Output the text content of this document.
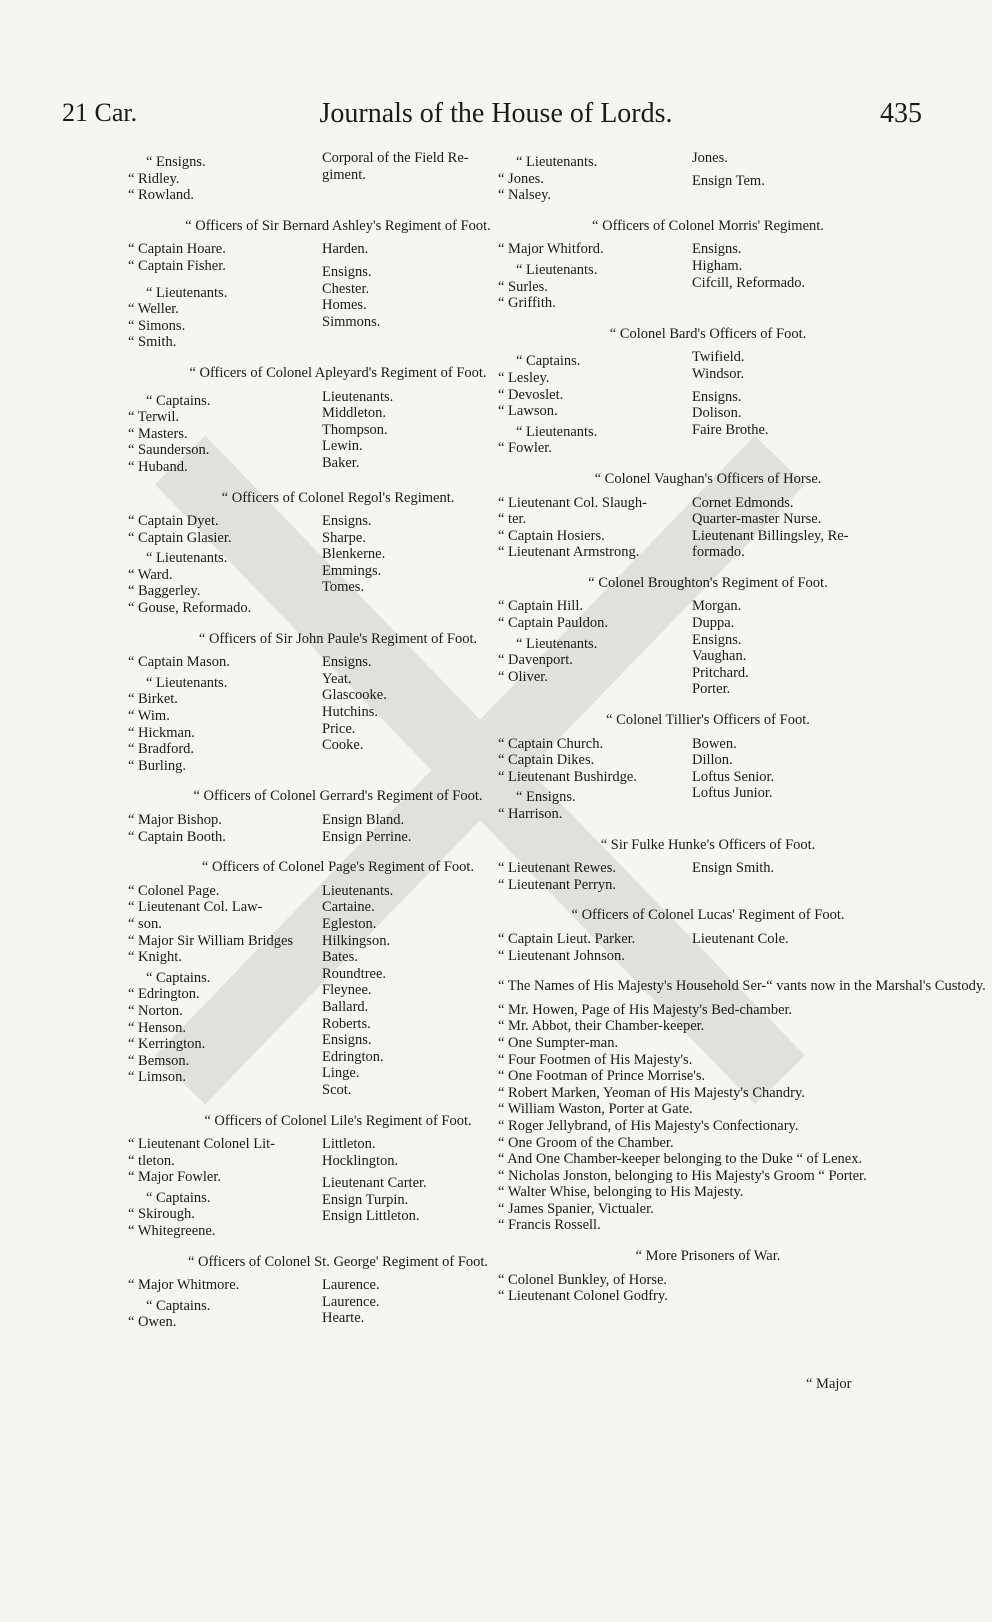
21 Car.	Journals of the House of Lords.	435
“ Ensigns.
“ Ridley.
“ Rowland.
Corporal of the Field Re-
giment.
“ Officers of Sir Bernard Ashley's Regiment of Foot.
“ Captain Hoare.
“ Captain Fisher.
“ Lieutenants.
“ Weller.
“ Simons.
“ Smith.
Harden.
Ensigns.
Chester.
Homes.
Simmons.
“ Officers of Colonel Apleyard's Regiment of Foot.
“ Captains.
“ Terwil.
“ Masters.
“ Saunderson.
“ Huband.
Lieutenants.
Middleton.
Thompson.
Lewin.
Baker.
“ Officers of Colonel Regol's Regiment.
“ Captain Dyet.
“ Captain Glasier.
“ Lieutenants.
“ Ward.
“ Baggerley.
“ Gouse, Reformado.
Ensigns.
Sharpe.
Blenkerne.
Emmings.
Tomes.
“ Officers of Sir John Paule's Regiment of Foot.
“ Captain Mason.
“ Lieutenants.
“ Birket.
“ Wim.
“ Hickman.
“ Bradford.
“ Burling.
Ensigns.
Yeat.
Glascooke.
Hutchins.
Price.
Cooke.
“ Officers of Colonel Gerrard's Regiment of Foot.
“ Major Bishop.
“ Captain Booth.
Ensign Bland.
Ensign Perrine.
“ Officers of Colonel Page's Regiment of Foot.
“ Colonel Page.
“ Lieutenant Col. Law-
“ son.
“ Major Sir William Bridges
“ Knight.
“ Captains.
“ Edrington.
“ Norton.
“ Henson.
“ Kerrington.
“ Bemson.
“ Limson.
Lieutenants.
Cartaine.
Egleston.
Hilkingson.
Bates.
Roundtree.
Fleynee.
Ballard.
Roberts.
Ensigns.
Edrington.
Linge.
Scot.
“ Officers of Colonel Lile's Regiment of Foot.
“ Lieutenant Colonel Lit-
“ tleton.
“ Major Fowler.
“ Captains.
“ Skirough.
“ Whitegreene.
Littleton.
Hocklington.
Lieutenant Carter.
Ensign Turpin.
Ensign Littleton.
“ Officers of Colonel St. George' Regiment of Foot.
“ Major Whitmore.
“ Captains.
“ Owen.
Laurence.
Laurence.
Hearte.
“ Lieutenants.
“ Jones.
“ Nalsey.
Jones.
Ensign Tem.
“ Officers of Colonel Morris' Regiment.
“ Major Whitford.
“ Lieutenants.
“ Surles.
“ Griffith.
Ensigns.
Higham.
Cifcill, Reformado.
“ Colonel Bard's Officers of Foot.
“ Captains.
“ Lesley.
“ Devoslet.
“ Lawson.
“ Lieutenants.
“ Fowler.
Twifield.
Windsor.
Ensigns.
Dolison.
Faire Brothe.
“ Colonel Vaughan's Officers of Horse.
“ Lieutenant Col. Slaugh-
“ ter.
“ Captain Hosiers.
“ Lieutenant Armstrong.
Cornet Edmonds.
Quarter-master Nurse.
Lieutenant Billingsley, Re-
formado.
“ Colonel Broughton's Regiment of Foot.
“ Captain Hill.
“ Captain Pauldon.
“ Lieutenants.
“ Davenport.
“ Oliver.
Morgan.
Duppa.
Ensigns.
Vaughan.
Pritchard.
Porter.
“ Colonel Tillier's Officers of Foot.
“ Captain Church.
“ Captain Dikes.
“ Lieutenant Bushirdge.
“ Ensigns.
“ Harrison.
Bowen.
Dillon.
Loftus Senior.
Loftus Junior.
“ Sir Fulke Hunke's Officers of Foot.
“ Lieutenant Rewes.
“ Lieutenant Perryn.
Ensign Smith.
“ Officers of Colonel Lucas' Regiment of Foot.
“ Captain Lieut. Parker.
“ Lieutenant Johnson.
Lieutenant Cole.
“ The Names of His Majesty's Household Ser-“ vants now in the Marshal's Custody.
“ Mr. Howen, Page of His Majesty's Bed-chamber.
“ Mr. Abbot, their Chamber-keeper.
“ One Sumpter-man.
“ Four Footmen of His Majesty's.
“ One Footman of Prince Morrise's.
“ Robert Marken, Yeoman of His Majesty's Chandry.
“ William Waston, Porter at Gate.
“ Roger Jellybrand, of His Majesty's Confectionary.
“ One Groom of the Chamber.
“ And One Chamber-keeper belonging to the Duke “ of Lenex.
“ Nicholas Jonston, belonging to His Majesty's Groom “ Porter.
“ Walter Whise, belonging to His Majesty.
“ James Spanier, Victualer.
“ Francis Rossell.
“ More Prisoners of War.
“ Colonel Bunkley, of Horse.
“ Lieutenant Colonel Godfry.
“ Major
